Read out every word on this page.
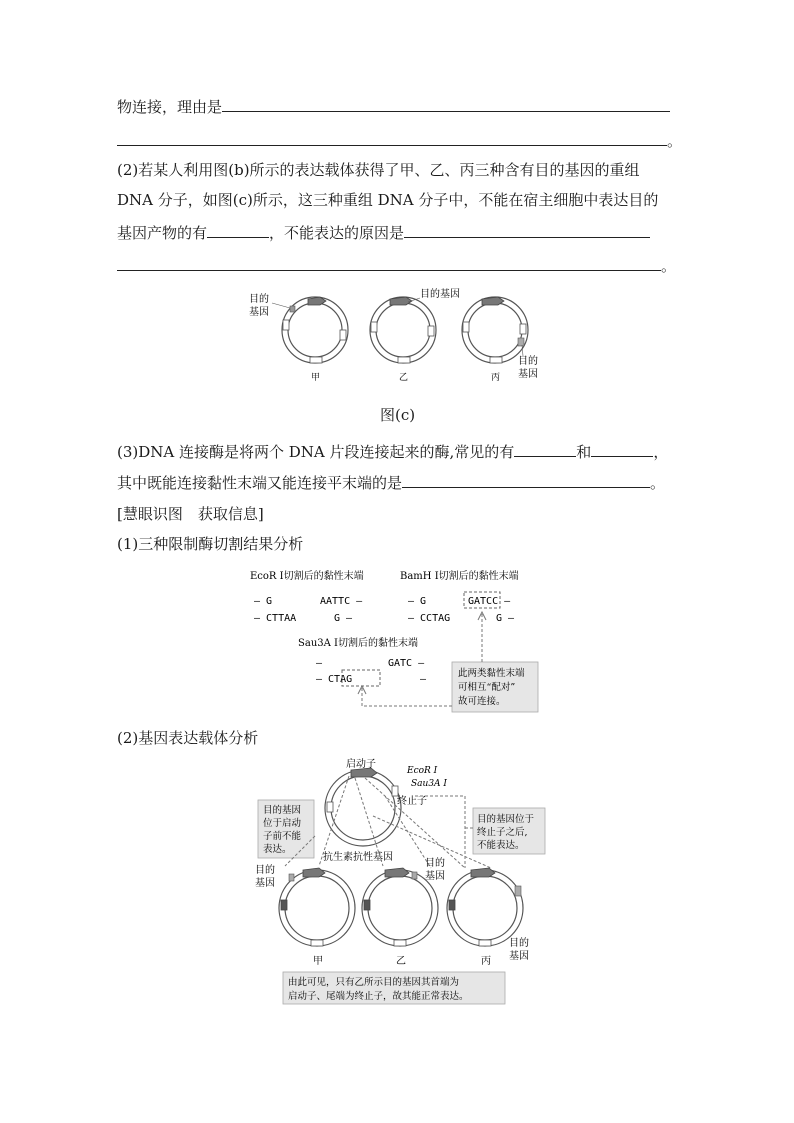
物连接，理由是
。
(2)若某人利用图(b)所示的表达载体获得了甲、乙、丙三种含有目的基因的重组
DNA 分子，如图(c)所示，这三种重组 DNA 分子中，不能在宿主细胞中表达目的
基因产物的有	，不能表达的原因是
。
目的
基因
甲
目的基因
乙
目的
基因
丙
图(c)
(3)DNA 连接酶是将两个 DNA 片段连接起来的酶,常见的有	和	，
其中既能连接黏性末端又能连接平末端的是	。
[慧眼识图　获取信息]
(1)三种限制酶切割结果分析
EcoR Ⅰ切割后的黏性末端
— G
— CTTAA
AATTC —
G —
BamH Ⅰ切割后的黏性末端
— G
— CCTAG
GATCC —
G —
Sau3A Ⅰ切割后的黏性末端
—
— CTAG
GATC —
—
此两类黏性末端
可相互“配对”
故可连接。
(2)基因表达载体分析
启动子
EcoR Ⅰ
Sau3A Ⅰ
终止子
抗生素抗性基因
目的基因
位于启动
子前不能
表达。
目的基因位于
终止子之后,
不能表达。
目的
基因
甲
目的
基因
乙
目的
基因
丙
由此可见，只有乙所示目的基因其首端为
启动子、尾端为终止子，故其能正常表达。
